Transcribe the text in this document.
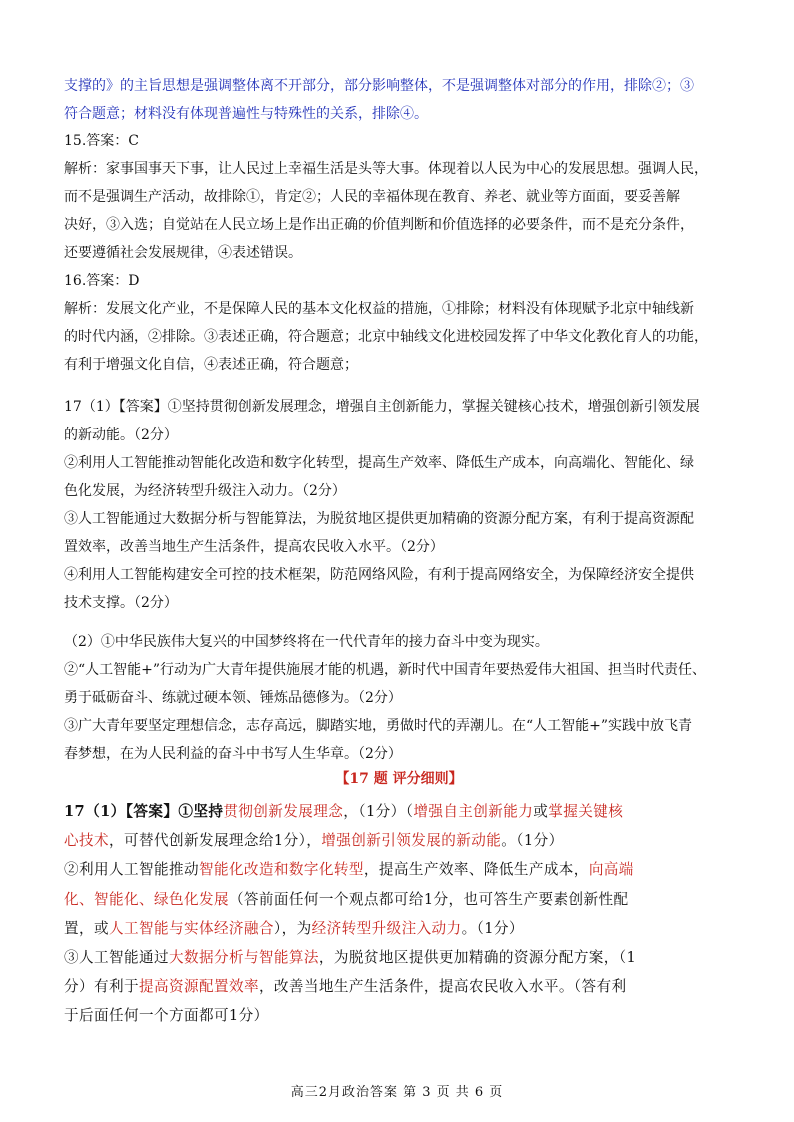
支撑的》的主旨思想是强调整体离不开部分，部分影响整体，不是强调整体对部分的作用，排除②；③

符合题意；材料没有体现普遍性与特殊性的关系，排除④。

15.答案：C

解析：家事国事天下事，让人民过上幸福生活是头等大事。体现着以人民为中心的发展思想。强调人民，

而不是强调生产活动，故排除①，肯定②；人民的幸福体现在教育、养老、就业等方面面，要妥善解

决好，③入选；自觉站在人民立场上是作出正确的价值判断和价值选择的必要条件，而不是充分条件，

还要遵循社会发展规律，④表述错误。

16.答案：D

解析：发展文化产业，不是保障人民的基本文化权益的措施，①排除；材料没有体现赋予北京中轴线新

的时代内涵，②排除。③表述正确，符合题意；北京中轴线文化进校园发挥了中华文化教化育人的功能，

有利于增强文化自信，④表述正确，符合题意；

17（1）【答案】①坚持贯彻创新发展理念，增强自主创新能力，掌握关键核心技术，增强创新引领发展

的新动能。（2分）

②利用人工智能推动智能化改造和数字化转型，提高生产效率、降低生产成本，向高端化、智能化、绿

色化发展，为经济转型升级注入动力。（2分）

③人工智能通过大数据分析与智能算法，为脱贫地区提供更加精确的资源分配方案，有利于提高资源配

置效率，改善当地生产生活条件，提高农民收入水平。（2分）

④利用人工智能构建安全可控的技术框架，防范网络风险，有利于提高网络安全，为保障经济安全提供

技术支撑。（2分）

（2）①中华民族伟大复兴的中国梦终将在一代代青年的接力奋斗中变为现实。

②“人工智能+”行动为广大青年提供施展才能的机遇，新时代中国青年要热爱伟大祖国、担当时代责任、

勇于砥砺奋斗、练就过硬本领、锤炼品德修为。（2分）

③广大青年要坚定理想信念，志存高远，脚踏实地，勇做时代的弄潮儿。在“人工智能+”实践中放飞青

春梦想，在为人民利益的奋斗中书写人生华章。（2分）

【17 题 评分细则】

17（1）【答案】①坚持贯彻创新发展理念，（1分）（增强自主创新能力或掌握关键核

心技术，可替代创新发展理念给1分），增强创新引领发展的新动能。（1分）

②利用人工智能推动智能化改造和数字化转型，提高生产效率、降低生产成本，向高端

化、智能化、绿色化发展（答前面任何一个观点都可给1分，也可答生产要素创新性配

置，或人工智能与实体经济融合），为经济转型升级注入动力。（1分）

③人工智能通过大数据分析与智能算法，为脱贫地区提供更加精确的资源分配方案，（1

分）有利于提高资源配置效率，改善当地生产生活条件，提高农民收入水平。（答有利

于后面任何一个方面都可1分）

高三2月政治答案 第 3 页 共 6 页
